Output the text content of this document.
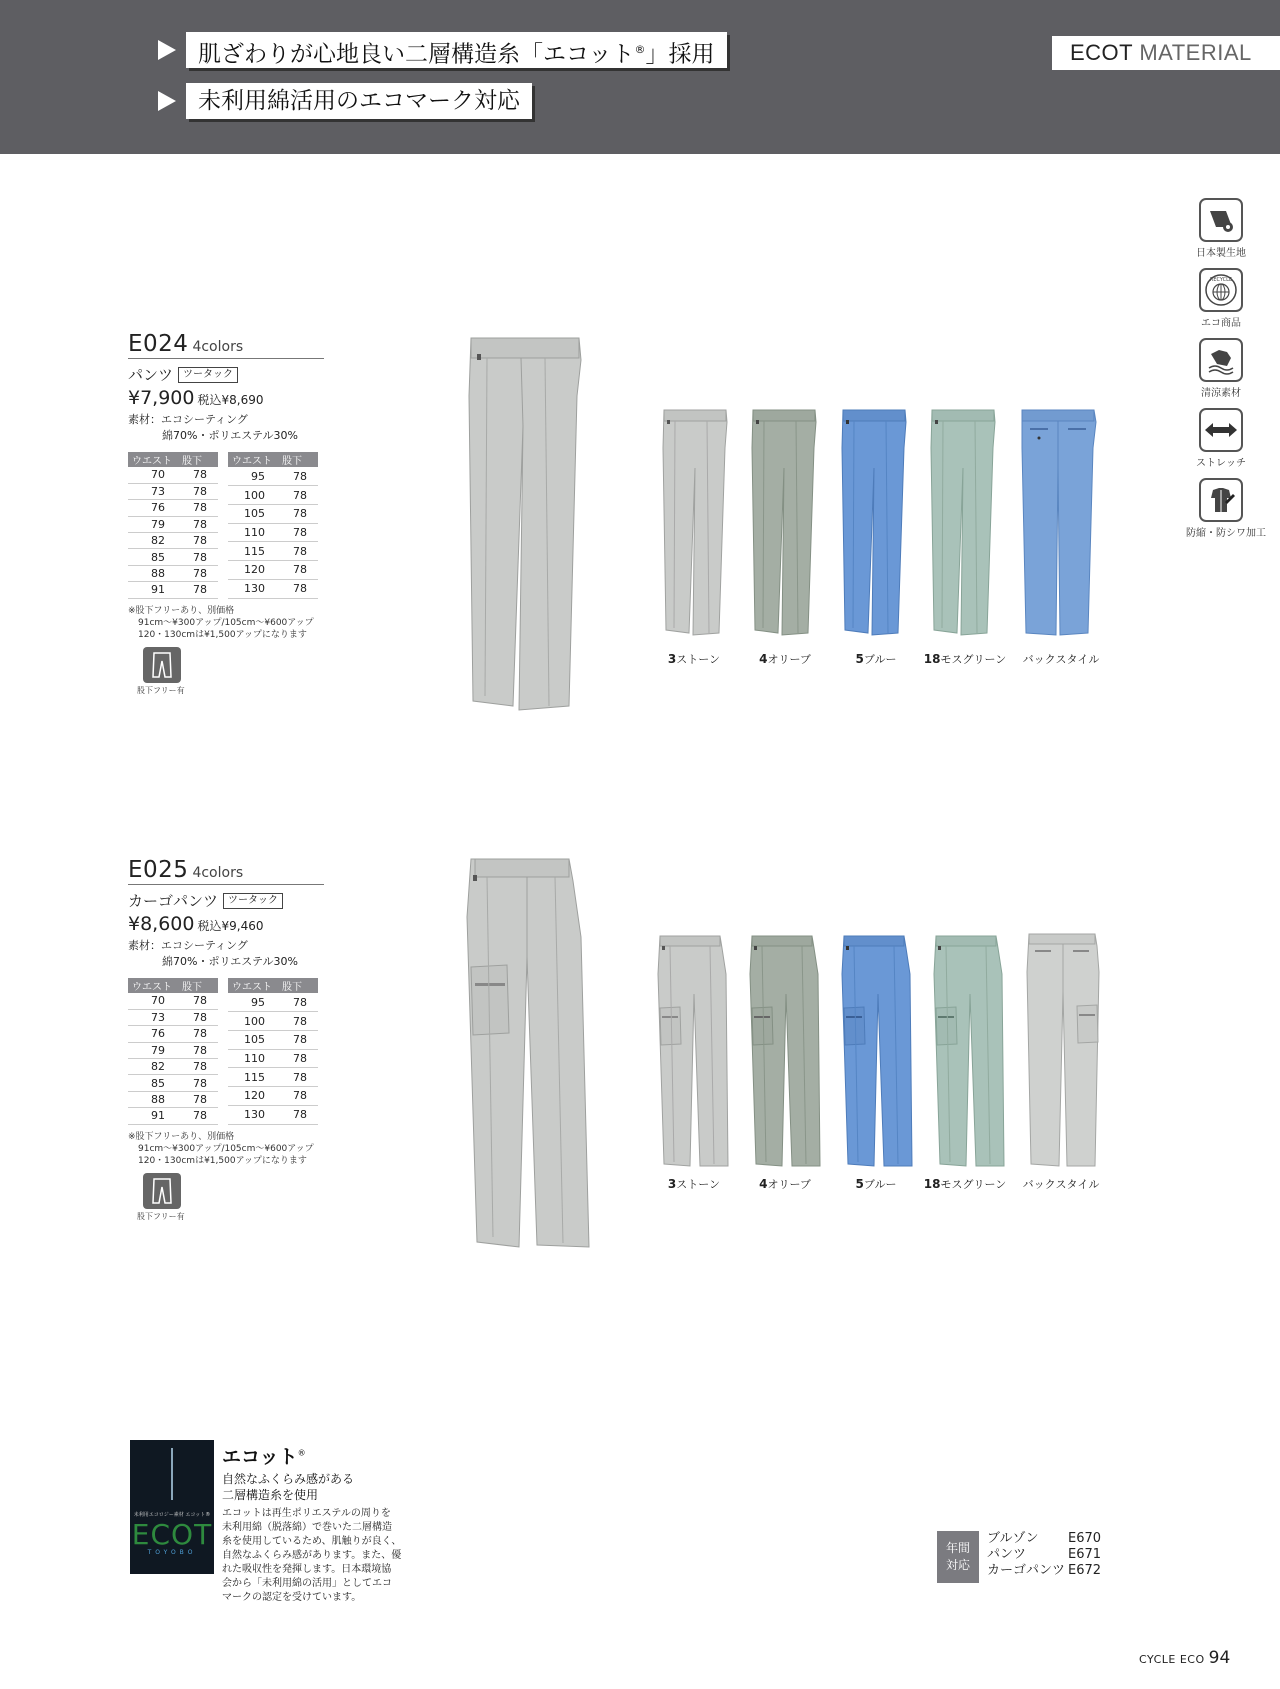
肌ざわりが心地良い二層構造糸「エコット®」採用
未利用綿活用のエコマーク対応
ECOT MATERIAL
日本製生地
RECYCLE
エコ商品
清涼素材
ストレッチ
防縮・防シワ加工
E024 4colors
パンツ	ツータック
¥7,900 税込¥8,690
素材：エコシーティング
綿70%・ポリエステル30%
ウエスト	股下
70	78
73	78
76	78
79	78
82	78
85	78
88	78
91	78
ウエスト	股下
95	78
100	78
105	78
110	78
115	78
120	78
130	78
※股下フリーあり、別価格
91cm～¥300アップ/105cm～¥600アップ
120・130cmは¥1,500アップになります
股下フリー有
E025 4colors
カーゴパンツ	ツータック
¥8,600 税込¥9,460
素材：エコシーティング
綿70%・ポリエステル30%
ウエスト	股下
70	78
73	78
76	78
79	78
82	78
85	78
88	78
91	78
ウエスト	股下
95	78
100	78
105	78
110	78
115	78
120	78
130	78
※股下フリーあり、別価格
91cm～¥300アップ/105cm～¥600アップ
120・130cmは¥1,500アップになります
股下フリー有
3ストーン	4オリーブ	5ブルー	18モスグリーン バックスタイル
3ストーン	4オリーブ	5ブルー	18モスグリーン バックスタイル
未利用エコロジー素材 エコット®
ECOT
TOYOBO
エコット®
自然なふくらみ感がある
二層構造糸を使用
エコットは再生ポリエステルの周りを
未利用綿（脱落綿）で巻いた二層構造
糸を使用しているため、肌触りが良く、
自然なふくらみ感があります。また、優
れた吸収性を発揮します。日本環境協
会から「未利用綿の活用」としてエコ
マークの認定を受けています。
年間
対応
ブルゾン	E670
パンツ	E671
カーゴパンツ E672
CYCLE ECO 94
